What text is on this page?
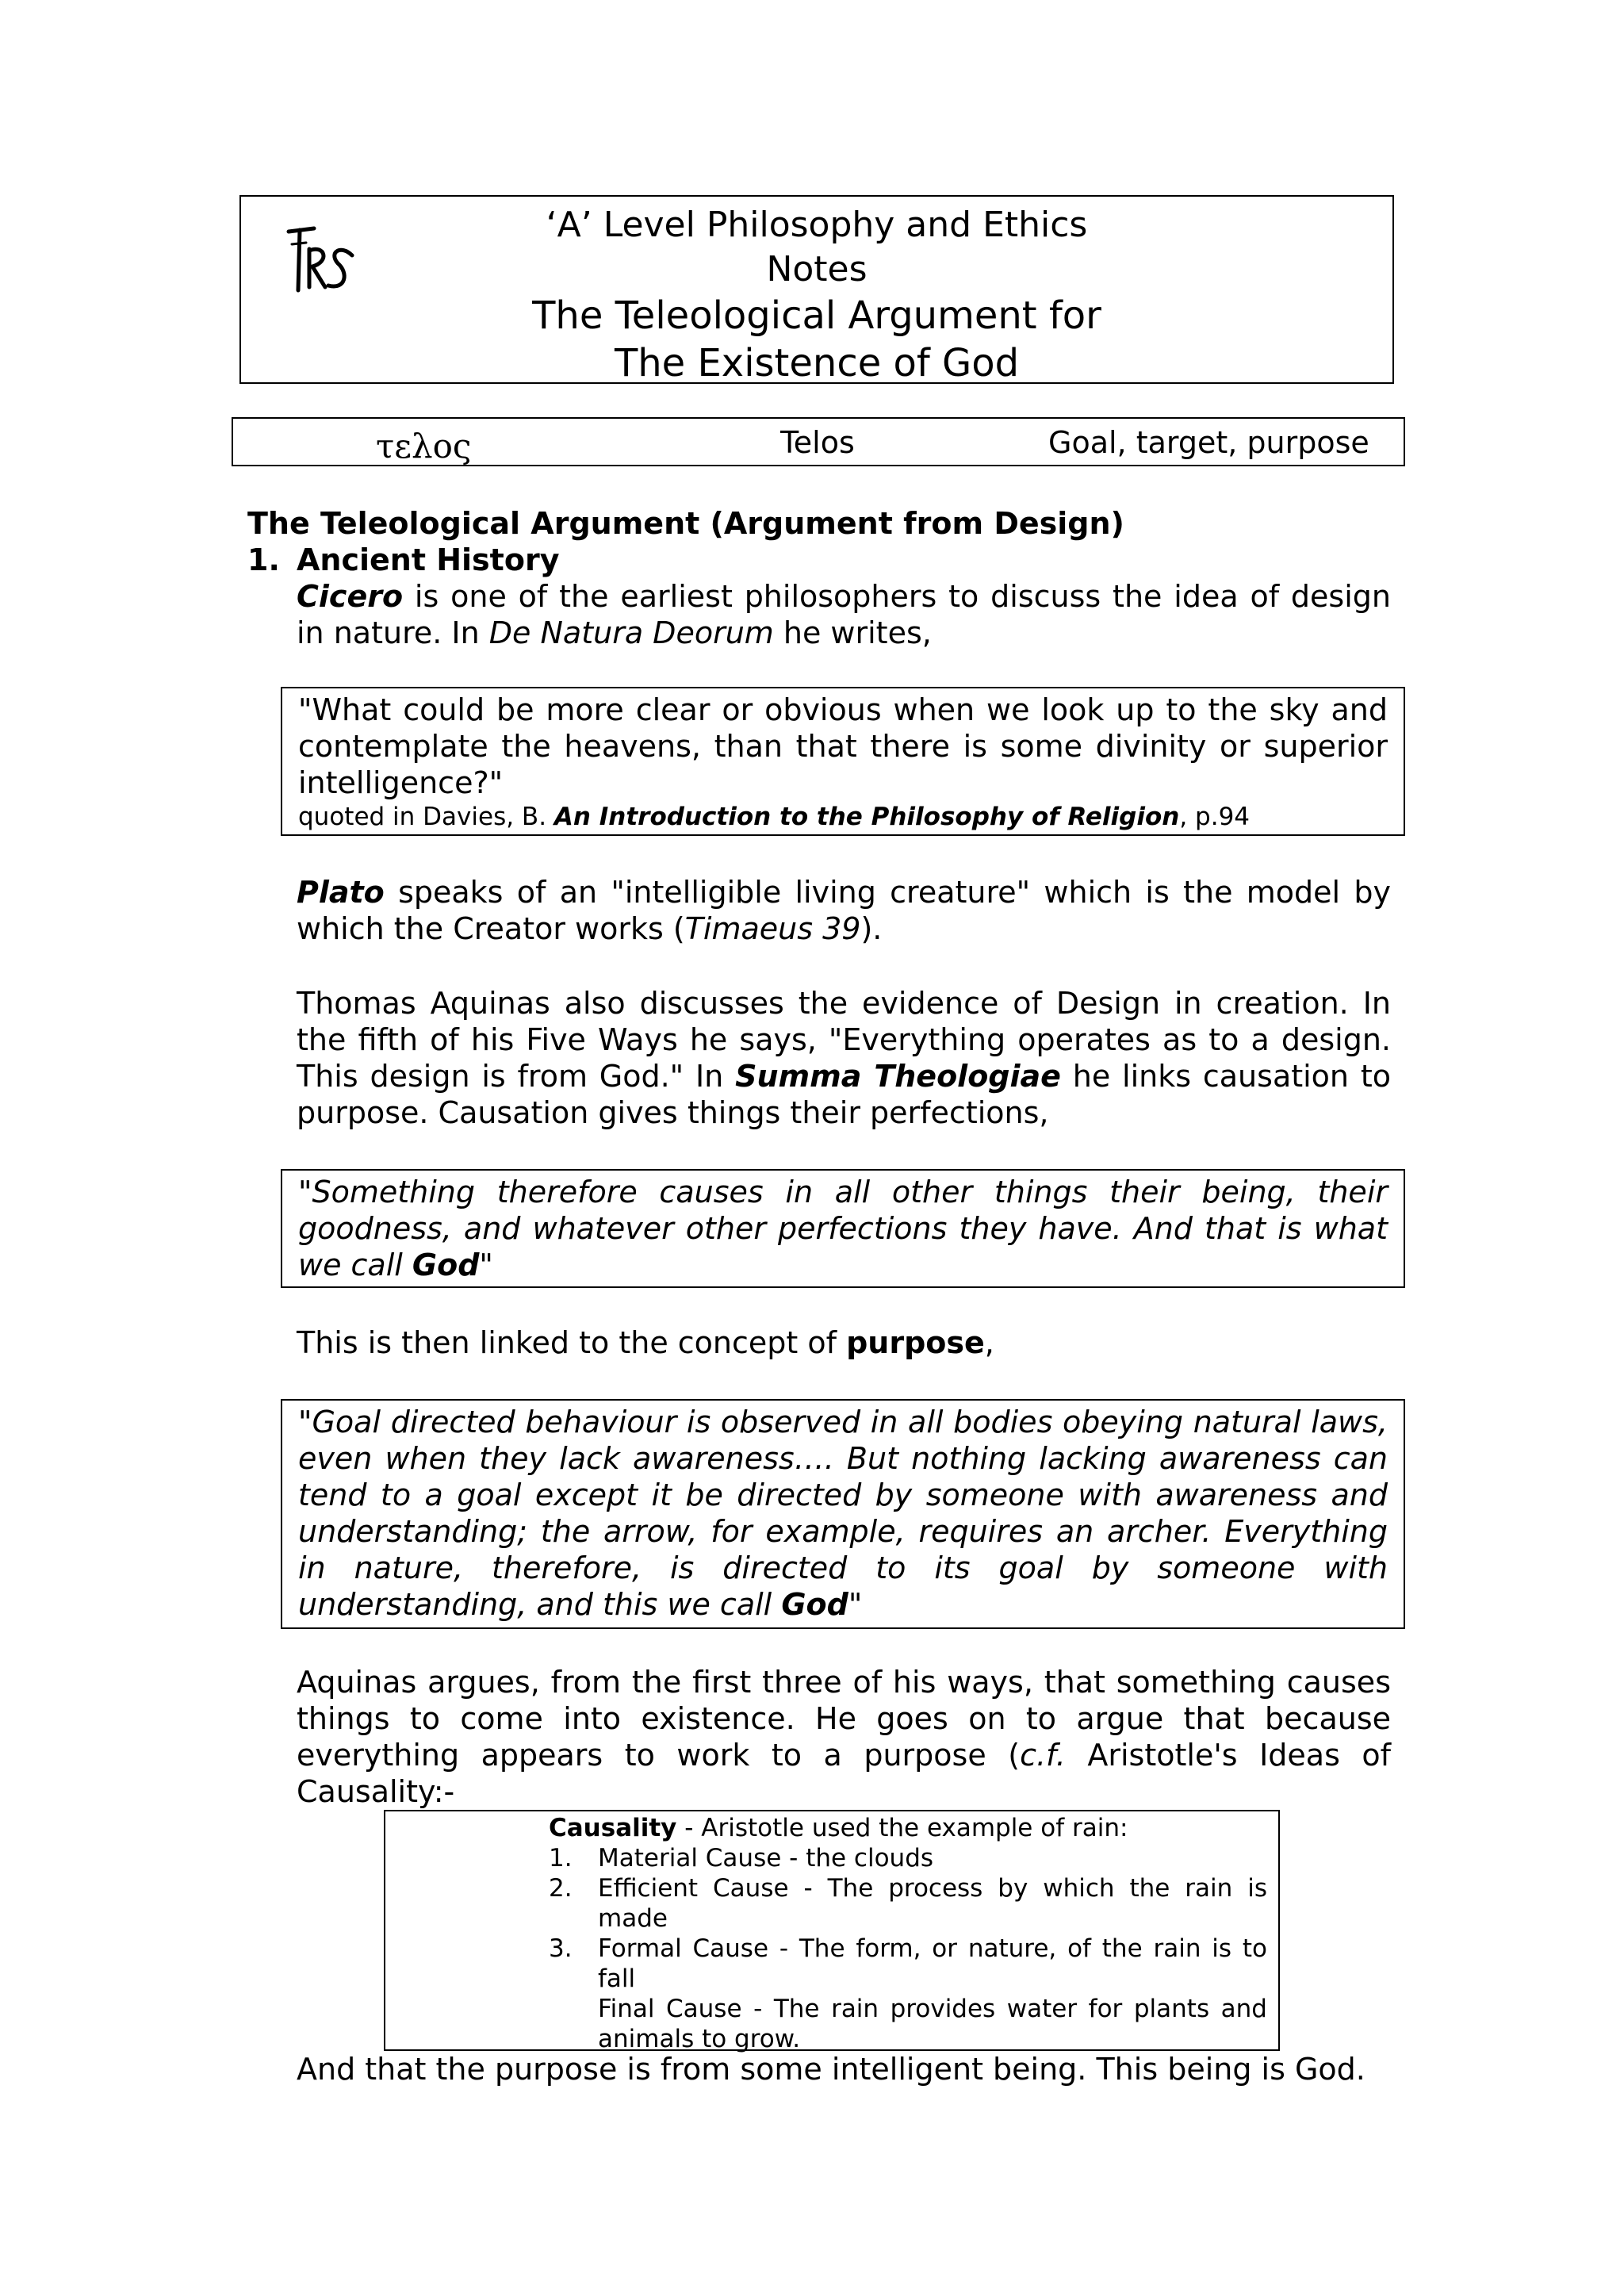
‘A’ Level Philosophy and Ethics
Notes
The Teleological Argument for
The Existence of God
τελος	Telos	Goal, target, purpose
The Teleological Argument (Argument from Design)
1. Ancient History
Cicero is one of the earliest philosophers to discuss the idea of design in nature. In De Natura Deorum he writes,
"What could be more clear or obvious when we look up to the sky and contemplate the heavens, than that there is some divinity or superior intelligence?"
quoted in Davies, B. An Introduction to the Philosophy of Religion, p.94
Plato speaks of an "intelligible living creature" which is the model by which the Creator works (Timaeus 39).
Thomas Aquinas also discusses the evidence of Design in creation. In the fifth of his Five Ways he says, "Everything operates as to a design. This design is from God." In Summa Theologiae he links causation to purpose. Causation gives things their perfections,
"Something therefore causes in all other things their being, their goodness, and whatever other perfections they have. And that is what we call God"
This is then linked to the concept of purpose,
"Goal directed behaviour is observed in all bodies obeying natural laws, even when they lack awareness…. But nothing lacking awareness can tend to a goal except it be directed by someone with awareness and understanding; the arrow, for example, requires an archer. Everything in nature, therefore, is directed to its goal by someone with understanding, and this we call God"
Aquinas argues, from the first three of his ways, that something causes things to come into existence. He goes on to argue that because everything appears to work to a purpose (c.f. Aristotle's Ideas of Causality:-
Causality - Aristotle used the example of rain:
1.	Material Cause - the clouds
2.	Efficient Cause - The process by which the rain is made
3.	Formal Cause - The form, or nature, of the rain is to fall
Final Cause - The rain provides water for plants and animals to grow.
And that the purpose is from some intelligent being. This being is God.
